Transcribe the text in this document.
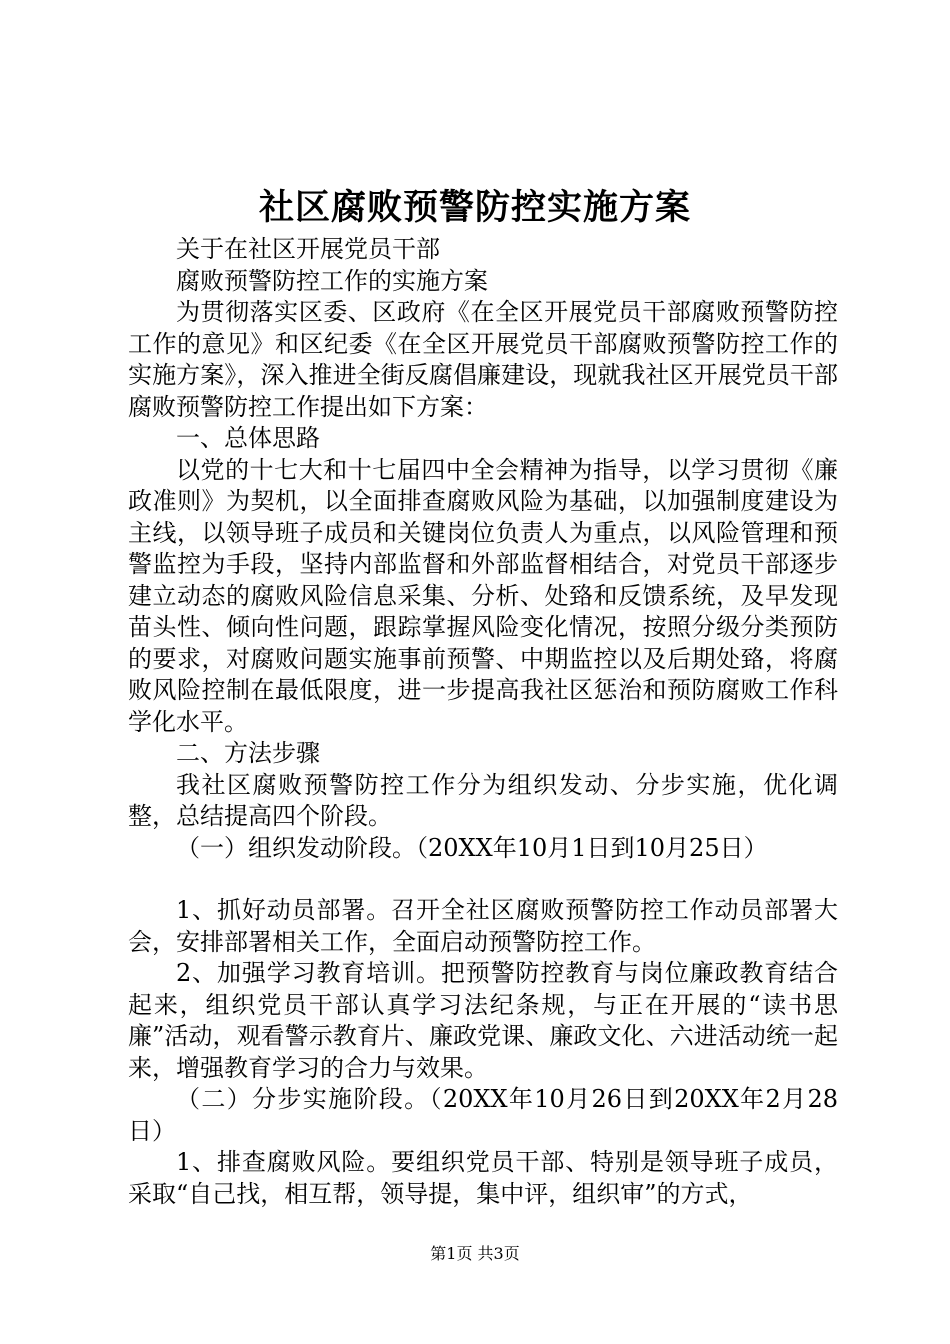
社区腐败预警防控实施方案

关于在社区开展党员干部

腐败预警防控工作的实施方案

为贯彻落实区委、区政府《在全区开展党员干部腐败预警防控工作的意见》和区纪委《在全区开展党员干部腐败预警防控工作的实施方案》，深入推进全街反腐倡廉建设，现就我社区开展党员干部腐败预警防控工作提出如下方案：

一、总体思路

以党的十七大和十七届四中全会精神为指导，以学习贯彻《廉政准则》为契机，以全面排查腐败风险为基础，以加强制度建设为主线，以领导班子成员和关键岗位负责人为重点，以风险管理和预警监控为手段，坚持内部监督和外部监督相结合，对党员干部逐步建立动态的腐败风险信息采集、分析、处臵和反馈系统，及早发现苗头性、倾向性问题，跟踪掌握风险变化情况，按照分级分类预防的要求，对腐败问题实施事前预警、中期监控以及后期处臵，将腐败风险控制在最低限度，进一步提高我社区惩治和预防腐败工作科学化水平。

二、方法步骤

我社区腐败预警防控工作分为组织发动、分步实施，优化调整，总结提高四个阶段。

（一）组织发动阶段。（20XX年10月1日到10月25日）

1、抓好动员部署。召开全社区腐败预警防控工作动员部署大会，安排部署相关工作，全面启动预警防控工作。

2、加强学习教育培训。把预警防控教育与岗位廉政教育结合起来，组织党员干部认真学习法纪条规，与正在开展的“读书思廉”活动，观看警示教育片、廉政党课、廉政文化、六进活动统一起来，增强教育学习的合力与效果。

（二）分步实施阶段。（20XX年10月26日到20XX年2月28日）

1、排查腐败风险。要组织党员干部、特别是领导班子成员，采取“自己找，相互帮，领导提，集中评，组织审”的方式，

第1页 共3页
